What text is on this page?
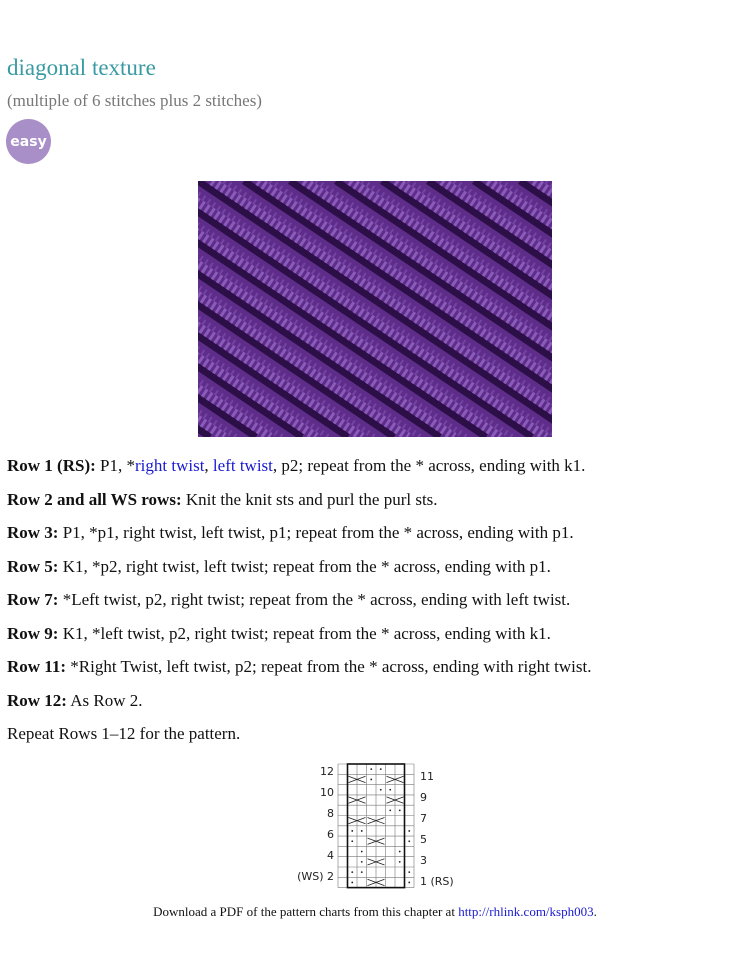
diagonal texture
(multiple of 6 stitches plus 2 stitches)
easy
Row 1 (RS): P1, *right twist, left twist, p2; repeat from the * across, ending with k1.
Row 2 and all WS rows: Knit the knit sts and purl the purl sts.
Row 3: P1, *p1, right twist, left twist, p1; repeat from the * across, ending with p1.
Row 5: K1, *p2, right twist, left twist; repeat from the * across, ending with p1.
Row 7: *Left twist, p2, right twist; repeat from the * across, ending with left twist.
Row 9: K1, *left twist, p2, right twist; repeat from the * across, ending with k1.
Row 11: *Right Twist, left twist, p2; repeat from the * across, ending with right twist.
Row 12: As Row 2.
Repeat Rows 1–12 for the pattern.
12
10
8
6
4
(WS) 2
11
9
7
5
3
1 (RS)
Download a PDF of the pattern charts from this chapter at http://rhlink.com/ksph003.
